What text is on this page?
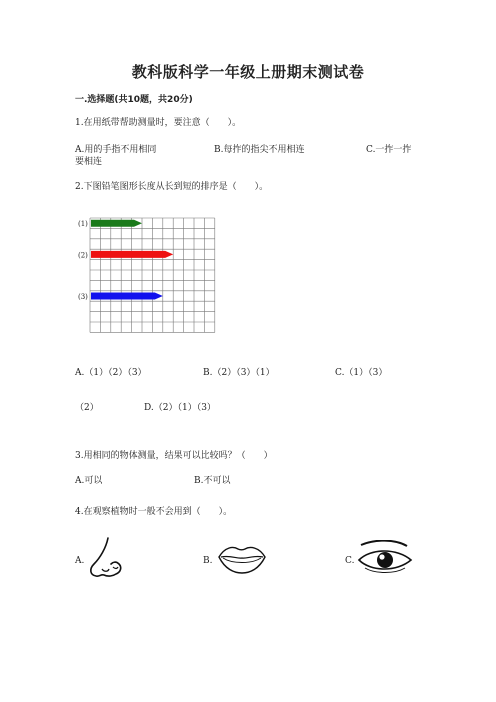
教科版科学一年级上册期末测试卷
一.选择题(共10题，共20分)
1.在用纸带帮助测量时，要注意（　　）。
A.用的手指不用相同	B.每拃的指尖不用相连	C.一拃一拃
要相连
2.下图铅笔图形长度从长到短的排序是（　　）。
(1)
(2)
(3)
A.（1）（2）（3）	B.（2）（3）（1）	C.（1）（3）
（2）	D.（2）（1）（3）
3.用相同的物体测量，结果可以比较吗？（　　）
A.可以	B.不可以
4.在观察植物时一般不会用到（　　）。
A.	B.	C.
